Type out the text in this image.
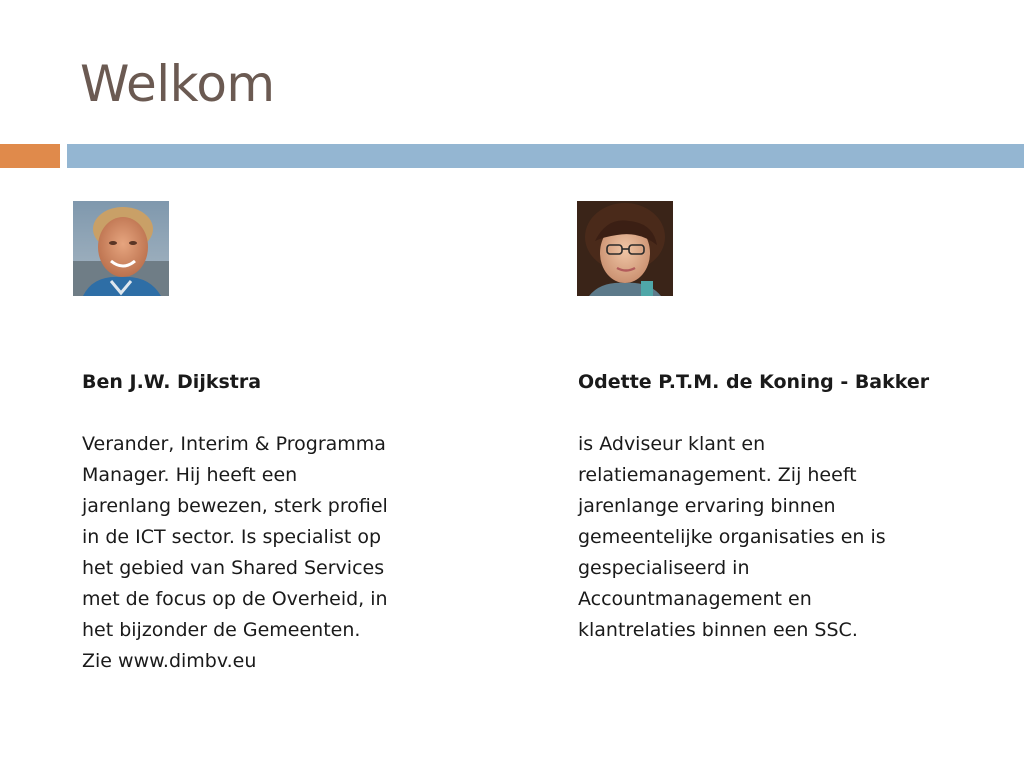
Welkom
Ben J.W. Dijkstra
Verander, Interim & Programma
Manager. Hij heeft een
jarenlang bewezen, sterk profiel
in de ICT sector. Is specialist op
het gebied van Shared Services
met de focus op de Overheid, in
het bijzonder de Gemeenten.
Zie www.dimbv.eu
Odette P.T.M. de Koning - Bakker
is Adviseur klant en
relatiemanagement. Zij heeft
jarenlange ervaring binnen
gemeentelijke organisaties en is
gespecialiseerd in
Accountmanagement en
klantrelaties binnen een SSC.
